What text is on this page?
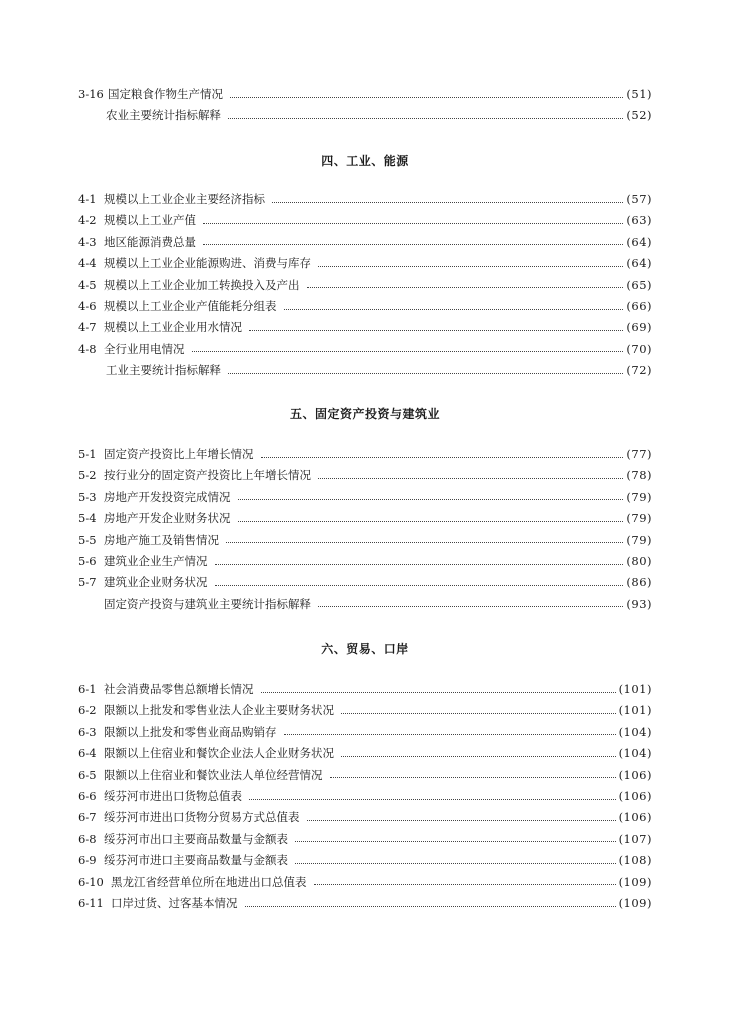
3-16 国定粮食作物生产情况	(51)
农业主要统计指标解释	(52)
四、工业、能源
4-1 规模以上工业企业主要经济指标	(57)
4-2 规模以上工业产值	(63)
4-3 地区能源消费总量	(64)
4-4 规模以上工业企业能源购进、消费与库存	(64)
4-5 规模以上工业企业加工转换投入及产出	(65)
4-6 规模以上工业企业产值能耗分组表	(66)
4-7 规模以上工业企业用水情况	(69)
4-8 全行业用电情况	(70)
工业主要统计指标解释	(72)
五、固定资产投资与建筑业
5-1 固定资产投资比上年增长情况	(77)
5-2 按行业分的固定资产投资比上年增长情况	(78)
5-3 房地产开发投资完成情况	(79)
5-4 房地产开发企业财务状况	(79)
5-5 房地产施工及销售情况	(79)
5-6 建筑业企业生产情况	(80)
5-7 建筑业企业财务状况	(86)
固定资产投资与建筑业主要统计指标解释	(93)
六、贸易、口岸
6-1 社会消费品零售总额增长情况	(101)
6-2 限额以上批发和零售业法人企业主要财务状况	(101)
6-3 限额以上批发和零售业商品购销存	(104)
6-4 限额以上住宿业和餐饮企业法人企业财务状况	(104)
6-5 限额以上住宿业和餐饮业法人单位经营情况	(106)
6-6 绥芬河市进出口货物总值表	(106)
6-7 绥芬河市进出口货物分贸易方式总值表	(106)
6-8 绥芬河市出口主要商品数量与金额表	(107)
6-9 绥芬河市进口主要商品数量与金额表	(108)
6-10 黑龙江省经营单位所在地进出口总值表	(109)
6-11 口岸过货、过客基本情况	(109)
